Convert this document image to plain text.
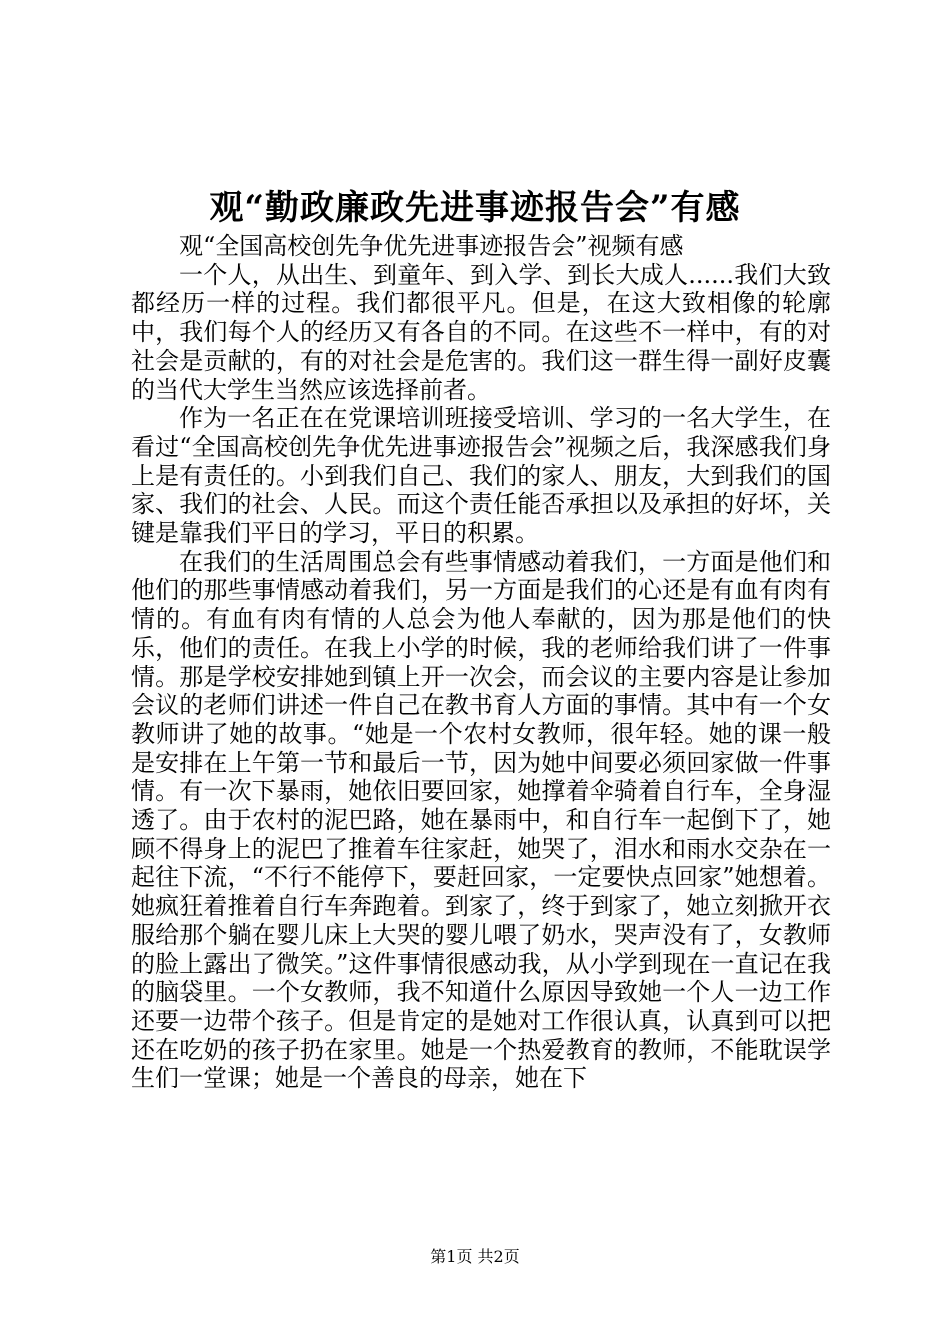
观“勤政廉政先进事迹报告会”有感

观“全国高校创先争优先进事迹报告会”视频有感

一个人，从出生、到童年、到入学、到长大成人......我们大致都经历一样的过程。我们都很平凡。但是，在这大致相像的轮廓中，我们每个人的经历又有各自的不同。在这些不一样中，有的对社会是贡献的，有的对社会是危害的。我们这一群生得一副好皮囊的当代大学生当然应该选择前者。

作为一名正在在党课培训班接受培训、学习的一名大学生，在看过“全国高校创先争优先进事迹报告会”视频之后，我深感我们身上是有责任的。小到我们自己、我们的家人、朋友，大到我们的国家、我们的社会、人民。而这个责任能否承担以及承担的好坏，关键是靠我们平日的学习，平日的积累。

在我们的生活周围总会有些事情感动着我们，一方面是他们和他们的那些事情感动着我们，另一方面是我们的心还是有血有肉有情的。有血有肉有情的人总会为他人奉献的，因为那是他们的快乐，他们的责任。在我上小学的时候，我的老师给我们讲了一件事情。那是学校安排她到镇上开一次会，而会议的主要内容是让参加会议的老师们讲述一件自己在教书育人方面的事情。其中有一个女教师讲了她的故事。“她是一个农村女教师，很年轻。她的课一般是安排在上午第一节和最后一节，因为她中间要必须回家做一件事情。有一次下暴雨，她依旧要回家，她撑着伞骑着自行车，全身湿透了。由于农村的泥巴路，她在暴雨中，和自行车一起倒下了，她顾不得身上的泥巴了推着车往家赶，她哭了，泪水和雨水交杂在一起往下流，“不行不能停下，要赶回家，一定要快点回家”她想着。她疯狂着推着自行车奔跑着。到家了，终于到家了，她立刻掀开衣服给那个躺在婴儿床上大哭的婴儿喂了奶水，哭声没有了，女教师的脸上露出了微笑。”这件事情很感动我，从小学到现在一直记在我的脑袋里。一个女教师，我不知道什么原因导致她一个人一边工作还要一边带个孩子。但是肯定的是她对工作很认真，认真到可以把还在吃奶的孩子扔在家里。她是一个热爱教育的教师，不能耽误学生们一堂课；她是一个善良的母亲，她在下

第1页 共2页
